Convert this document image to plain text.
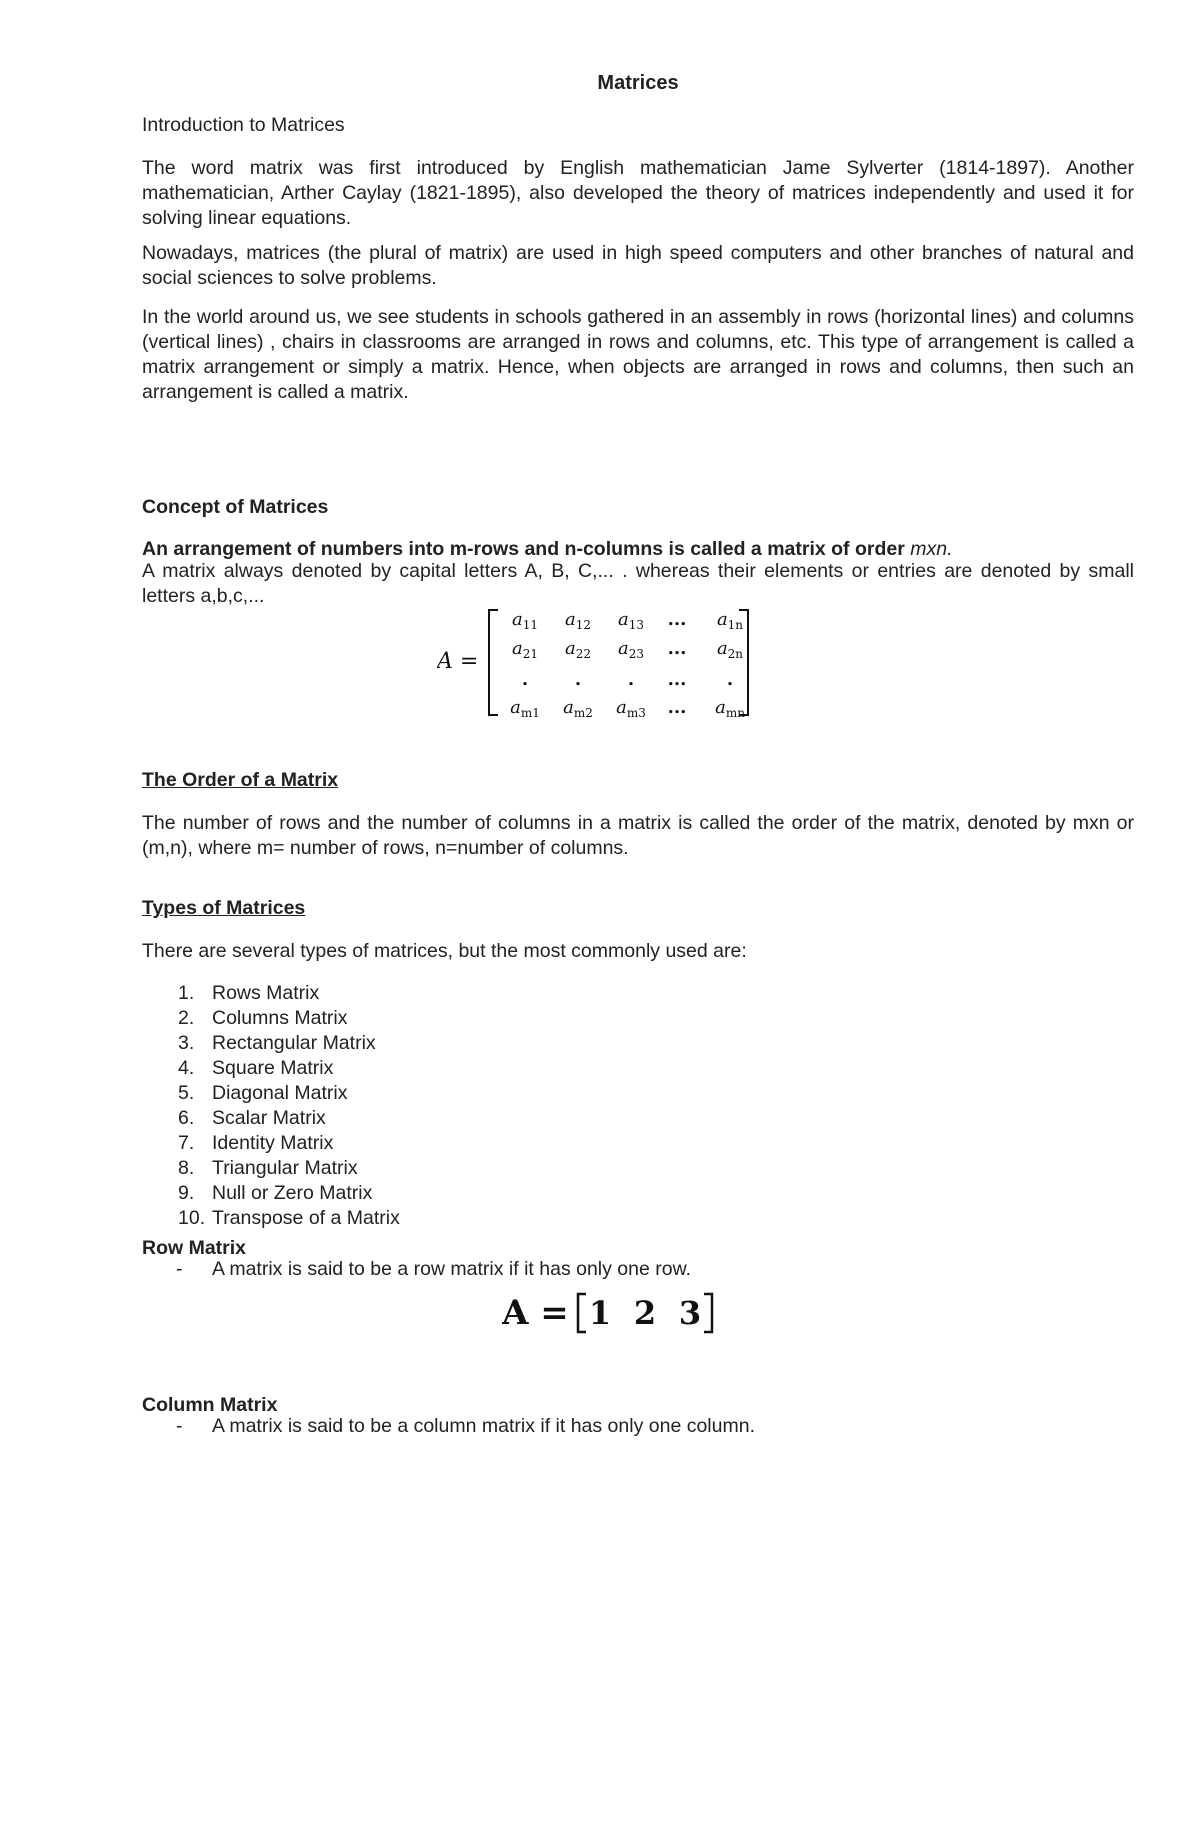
Matrices
Introduction to Matrices
The word matrix was first introduced by English mathematician Jame Sylverter (1814-1897). Another mathematician, Arther Caylay (1821-1895), also developed the theory of matrices independently and used it for solving linear equations.
Nowadays, matrices (the plural of matrix) are used in high speed computers and other branches of natural and social sciences to solve problems.
In the world around us, we see students in schools gathered in an assembly in rows (horizontal lines) and columns (vertical lines) , chairs in classrooms are arranged in rows and columns, etc. This type of arrangement is called a matrix arrangement or simply a matrix. Hence, when objects are arranged in rows and columns, then such an arrangement is called a matrix.
Concept of Matrices
An arrangement of numbers into m-rows and n-columns is called a matrix of order mxn.
A matrix always denoted by capital letters A, B, C,... . whereas their elements or entries are denoted by small letters a,b,c,...
A =
$a_{11}$ $a_{12}$ $a_{13}$ ... $a_{1n}$
$a_{21}$ $a_{22}$ $a_{23}$ ... $a_{2n}$
.	.	. ... .
$a_{m1}$ $a_{m2}$ $a_{m3}$ ... $a_{mn}$
The Order of a Matrix
The number of rows and the number of columns in a matrix is called the order of the matrix, denoted by mxn or (m,n), where m= number of rows, n=number of columns.
Types of Matrices
There are several types of matrices, but the most commonly used are:
1. Rows Matrix
2. Columns Matrix
3. Rectangular Matrix
4. Square Matrix
5. Diagonal Matrix
6. Scalar Matrix
7. Identity Matrix
8. Triangular Matrix
9. Null or Zero Matrix
10. Transpose of a Matrix
Row Matrix
- A matrix is said to be a row matrix if it has only one row.
A = 1 2 3
Column Matrix
- A matrix is said to be a column matrix if it has only one column.
